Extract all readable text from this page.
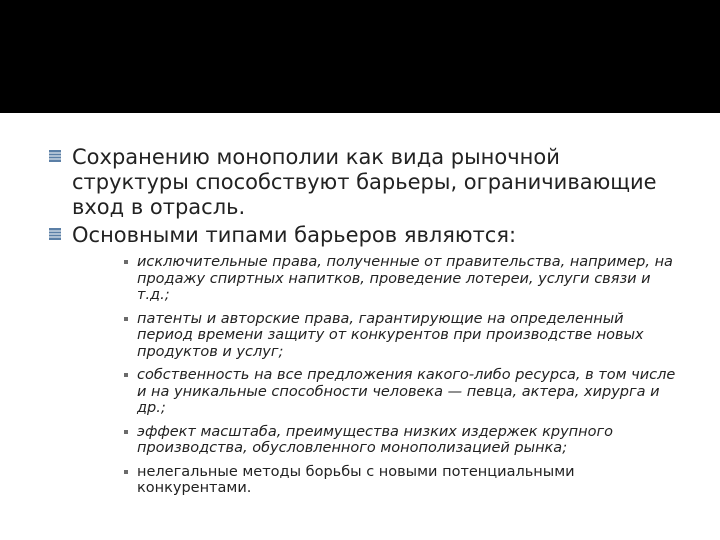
Сохранению монополии как вида рыночной структуры способствуют барьеры, ограничивающие вход в отрасль.
Основными типами барьеров являются:
исключительные права, полученные от правительства, например, на продажу спиртных напитков, проведение лотереи, услуги связи и т.д.;
патенты и авторские права, гарантирующие на определенный период времени защиту от конкурентов при производстве новых продуктов и услуг;
собственность на все предложения какого-либо ресурса, в том числе и на уникальные способности человека — певца, актера, хирурга и др.;
эффект масштаба, преимущества низких издержек крупного производства, обусловленного монополизацией рынка;
нелегальные методы борьбы с новыми потенциальными конкурентами.
